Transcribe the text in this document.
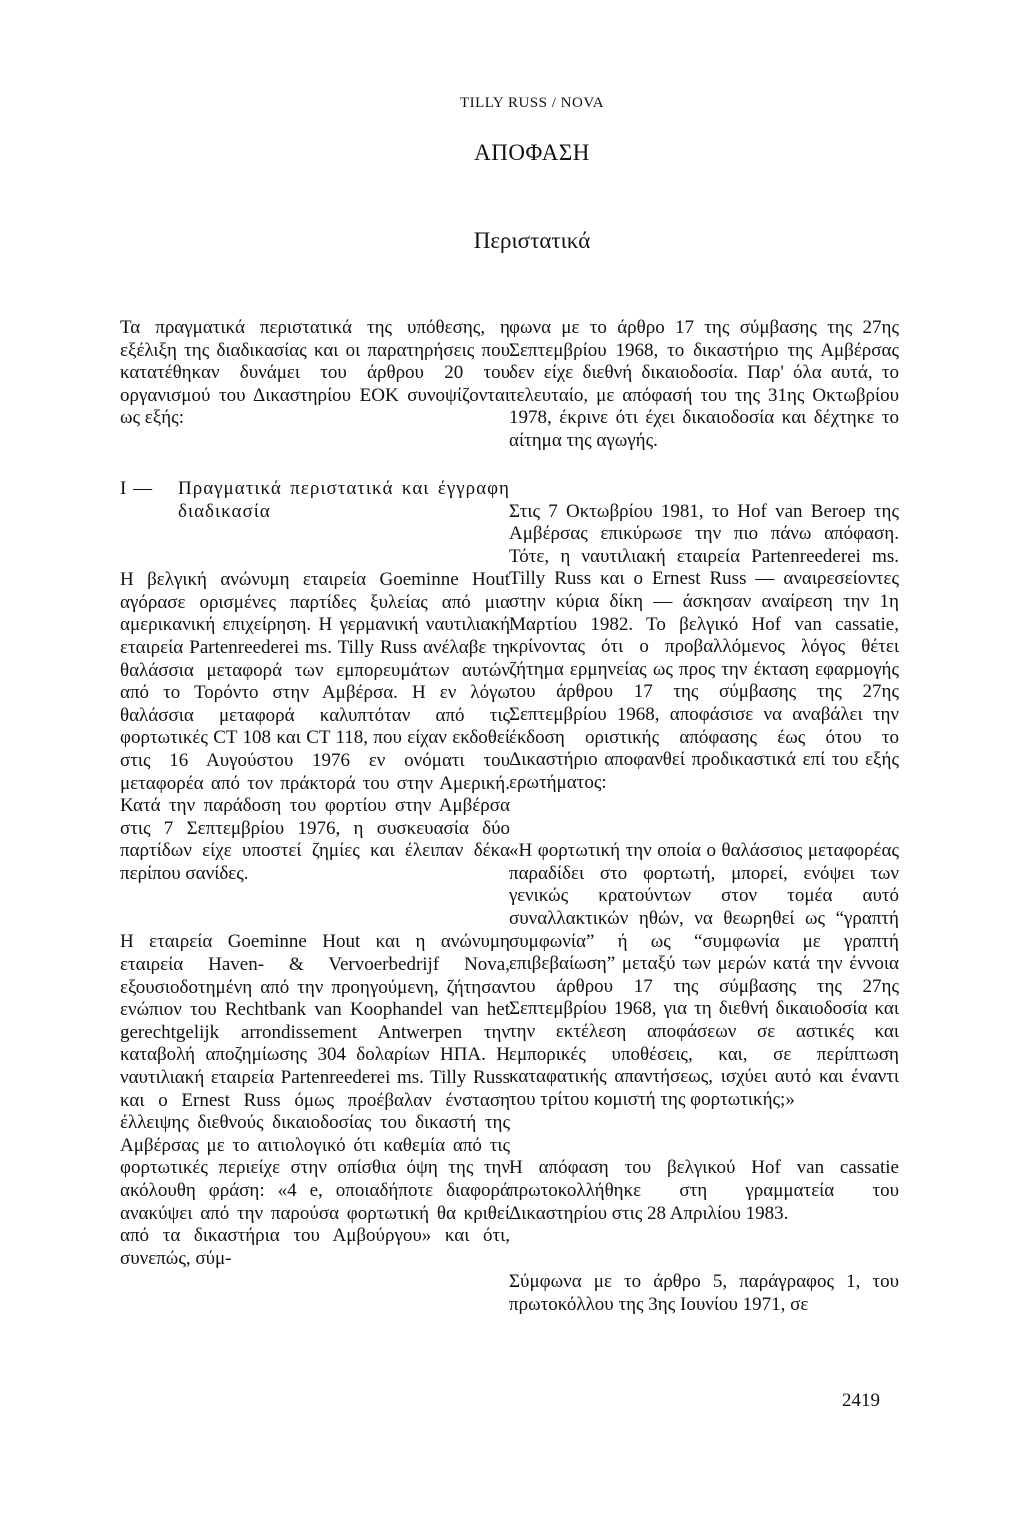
TILLY RUSS / NOVA
ΑΠΟΦΑΣΗ
Περιστατικά

Τα πραγματικά περιστατικά της υπόθεσης, η εξέλιξη της διαδικασίας και οι παρατηρήσεις που κατατέθηκαν δυνάμει του άρθρου 20 του οργανισμού του Δικαστηρίου ΕΟΚ συνοψίζονται ως εξής:

I —	Πραγματικά περιστατικά και έγγραφη διαδικασία

Η βελγική ανώνυμη εταιρεία Goeminne Hout αγόρασε ορισμένες παρτίδες ξυλείας από μια αμερικανική επιχείρηση. Η γερμανική ναυτιλιακή εταιρεία Partenreederei ms. Tilly Russ ανέλαβε τη θαλάσσια μεταφορά των εμπορευμάτων αυτών από το Τορόντο στην Αμβέρσα. Η εν λόγω θαλάσσια μεταφορά καλυπτόταν από τις φορτωτικές CT 108 και CT 118, που είχαν εκδοθεί στις 16 Αυγούστου 1976 εν ονόματι του μεταφορέα από τον πράκτορά του στην Αμερική. Κατά την παράδοση του φορτίου στην Αμβέρσα στις 7 Σεπτεμβρίου 1976, η συσκευασία δύο παρτίδων είχε υποστεί ζημίες και έλειπαν δέκα περίπου σανίδες.

Η εταιρεία Goeminne Hout και η ανώνυμη εταιρεία Haven- & Vervoerbedrijf Nova, εξουσιοδοτημένη από την προηγούμενη, ζήτησαν ενώπιον του Rechtbank van Koophandel van het gerechtgelijk arrondissement Antwerpen την καταβολή αποζημίωσης 304 δολαρίων ΗΠΑ. Η ναυτιλιακή εταιρεία Partenreederei ms. Tilly Russ και ο Ernest Russ όμως προέβαλαν ένσταση έλλειψης διεθνούς δικαιοδοσίας του δικαστή της Αμβέρσας με το αιτιολογικό ότι καθεμία από τις φορτωτικές περιείχε στην οπίσθια όψη της την ακόλουθη φράση: «4 e, οποιαδήποτε διαφορά ανακύψει από την παρούσα φορτωτική θα κριθεί από τα δικαστήρια του Αμβούργου» και ότι, συνεπώς, σύμ-

φωνα με το άρθρο 17 της σύμβασης της 27ης Σεπτεμβρίου 1968, το δικαστήριο της Αμβέρσας δεν είχε διεθνή δικαιοδοσία. Παρ' όλα αυτά, το τελευταίο, με απόφασή του της 31ης Οκτωβρίου 1978, έκρινε ότι έχει δικαιοδοσία και δέχτηκε το αίτημα της αγωγής.

Στις 7 Οκτωβρίου 1981, το Hof van Beroep της Αμβέρσας επικύρωσε την πιο πάνω απόφαση. Τότε, η ναυτιλιακή εταιρεία Partenreederei ms. Tilly Russ και ο Ernest Russ — αναιρεσείοντες στην κύρια δίκη — άσκησαν αναίρεση την 1η Μαρτίου 1982. Το βελγικό Hof van cassatie, κρίνοντας ότι ο προβαλλόμενος λόγος θέτει ζήτημα ερμηνείας ως προς την έκταση εφαρμογής του άρθρου 17 της σύμβασης της 27ης Σεπτεμβρίου 1968, αποφάσισε να αναβάλει την έκδοση οριστικής απόφασης έως ότου το Δικαστήριο αποφανθεί προδικαστικά επί του εξής ερωτήματος:

«Η φορτωτική την οποία ο θαλάσσιος μεταφορέας παραδίδει στο φορτωτή, μπορεί, ενόψει των γενικώς κρατούντων στον τομέα αυτό συναλλακτικών ηθών, να θεωρηθεί ως “γραπτή συμφωνία” ή ως “συμφωνία με γραπτή επιβεβαίωση” μεταξύ των μερών κατά την έννοια του άρθρου 17 της σύμβασης της 27ης Σεπτεμβρίου 1968, για τη διεθνή δικαιοδοσία και την εκτέλεση αποφάσεων σε αστικές και εμπορικές υποθέσεις, και, σε περίπτωση καταφατικής απαντήσεως, ισχύει αυτό και έναντι του τρίτου κομιστή της φορτωτικής;»

Η απόφαση του βελγικού Hof van cassatie πρωτοκολλήθηκε στη γραμματεία του Δικαστηρίου στις 28 Απριλίου 1983.

Σύμφωνα με το άρθρο 5, παράγραφος 1, του πρωτοκόλλου της 3ης Ιουνίου 1971, σε

2419
